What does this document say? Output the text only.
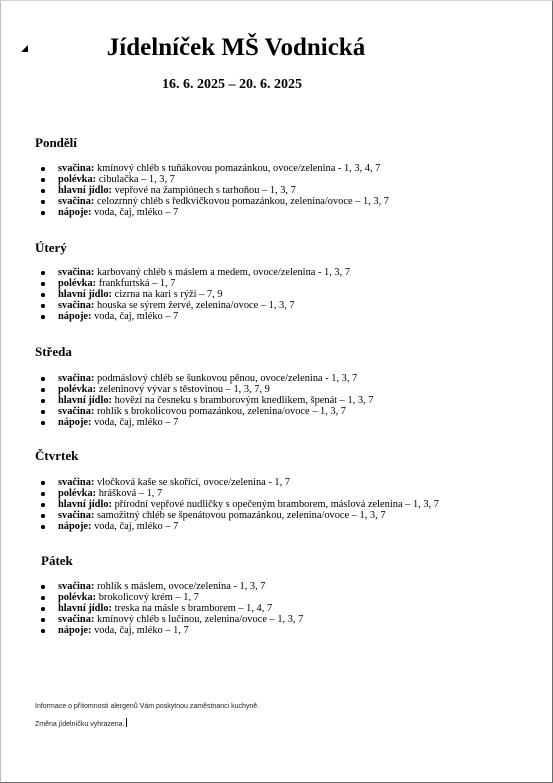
Jídelníček MŠ Vodnická
16. 6. 2025 – 20. 6. 2025
Pondělí
svačina: kmínový chléb s tuňákovou pomazánkou, ovoce/zelenina - 1, 3, 4, 7
polévka: cibulačka – 1, 3, 7
hlavní jídlo: vepřové na žampiónech s tarhoňou – 1, 3, 7
svačina: celozrnný chléb s ředkvičkovou pomazánkou, zelenina/ovoce – 1, 3, 7
nápoje: voda, čaj, mléko – 7
Úterý
svačina: karbovaný chléb s máslem a medem, ovoce/zelenina - 1, 3, 7
polévka: frankfurtská – 1, 7
hlavní jídlo: cizrna na kari s rýží – 7, 9
svačina: houska se sýrem žervé, zelenina/ovoce – 1, 3, 7
nápoje: voda, čaj, mléko – 7
Středa
svačina: podmáslový chléb se šunkovou pěnou, ovoce/zelenina - 1, 3, 7
polévka: zeleninový vývar s těstovinou – 1, 3, 7, 9
hlavní jídlo: hovězí na česneku s bramborovým knedlíkem, špenát – 1, 3, 7
svačina: rohlík s brokolicovou pomazánkou, zelenina/ovoce – 1, 3, 7
nápoje: voda, čaj, mléko – 7
Čtvrtek
svačina: vločková kaše se skořicí, ovoce/zelenina - 1, 7
polévka: hrášková – 1, 7
hlavní jídlo: přírodní vepřové nudličky s opečeným bramborem, máslová zelenina – 1, 3, 7
svačina: samožitný chléb se špenátovou pomazánkou, zelenina/ovoce – 1, 3, 7
nápoje: voda, čaj, mléko – 7
Pátek
svačina: rohlík s máslem, ovoce/zelenina - 1, 3, 7
polévka: brokolicový krém – 1, 7
hlavní jídlo: treska na másle s bramborem – 1, 4, 7
svačina: kmínový chléb s lučinou, zelenina/ovoce – 1, 3, 7
nápoje: voda, čaj, mléko – 1, 7
Informace o přítomnosti alergenů Vám poskytnou zaměstnanci kuchyně.
Změna jídelníčku vyhrazena.
